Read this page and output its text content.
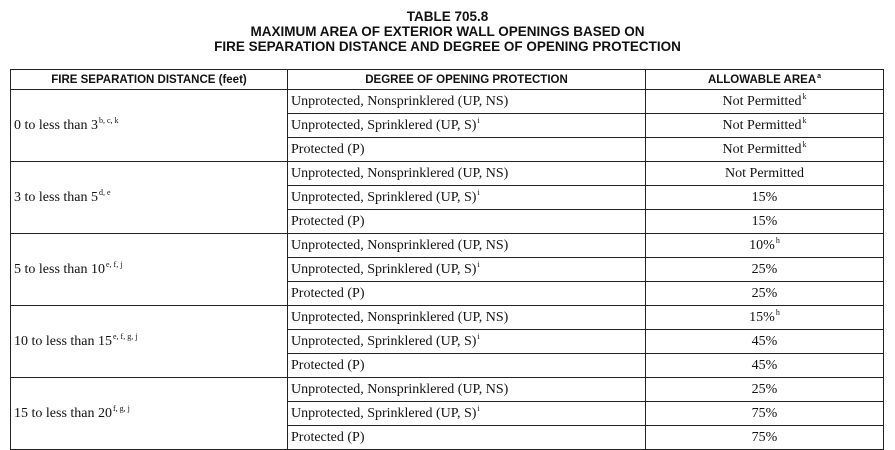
TABLE 705.8
MAXIMUM AREA OF EXTERIOR WALL OPENINGS BASED ON
FIRE SEPARATION DISTANCE AND DEGREE OF OPENING PROTECTION
FIRE SEPARATION DISTANCE (feet)	DEGREE OF OPENING PROTECTION	ALLOWABLE AREA$^a$
0 to less than 3$^{b, c, k}$	Unprotected, Nonsprinklered (UP, NS)	Not Permitted$^k$
	Unprotected, Sprinklered (UP, S)$^i$	Not Permitted$^k$
	Protected (P)	Not Permitted$^k$
3 to less than 5$^{d, e}$	Unprotected, Nonsprinklered (UP, NS)	Not Permitted
	Unprotected, Sprinklered (UP, S)$^i$	15%
	Protected (P)	15%
5 to less than 10$^{e, f, j}$	Unprotected, Nonsprinklered (UP, NS)	10%$^h$
	Unprotected, Sprinklered (UP, S)$^i$	25%
	Protected (P)	25%
10 to less than 15$^{e, f, g, j}$	Unprotected, Nonsprinklered (UP, NS)	15%$^h$
	Unprotected, Sprinklered (UP, S)$^i$	45%
	Protected (P)	45%
15 to less than 20$^{f, g, j}$	Unprotected, Nonsprinklered (UP, NS)	25%
	Unprotected, Sprinklered (UP, S)$^i$	75%
	Protected (P)	75%
